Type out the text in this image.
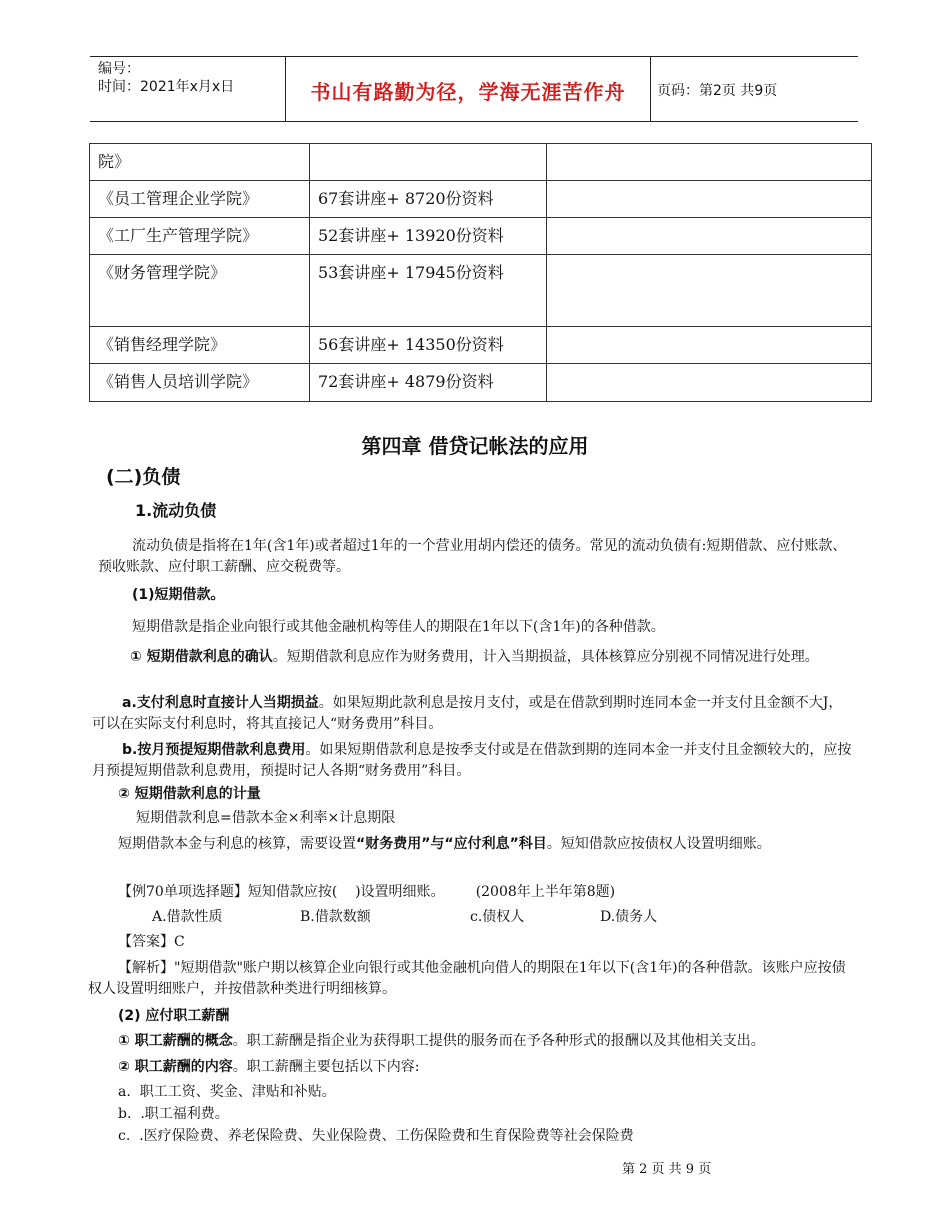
编号：
时间：2021年x月x日	书山有路勤为径，学海无涯苦作舟	页码：第2页 共9页
院》		
《员工管理企业学院》	67套讲座+ 8720份资料	
《工厂生产管理学院》	52套讲座+ 13920份资料	
《财务管理学院》	53套讲座+ 17945份资料	
《销售经理学院》	56套讲座+ 14350份资料	
《销售人员培训学院》	72套讲座+ 4879份资料	
第四章 借贷记帐法的应用
(二)负债
1.流动负债
流动负债是指将在1年(含1年)或者超过1年的一个营业用胡内偿还的债务。常见的流动负债有:短期借款、应付账款、预收账款、应付职工薪酬、应交税费等。
(1)短期借款。
短期借款是指企业向银行或其他金融机构等佳人的期限在1年以下(含1年)的各种借款。
① 短期借款利息的确认。短期借款利息应作为财务费用，计入当期损益，具体核算应分别视不同情况进行处理。
a.支付利息时直接计人当期损益。如果短期此款利息是按月支付，或是在借款到期时连同本金一并支付且金额不大J，可以在实际支付利息时，将其直接记人“财务费用”科目。
b.按月预提短期借款利息费用。如果短期借款利息是按季支付或是在借款到期的连同本金一并支付且金额较大的，应按月预提短期借款利息费用，预提时记人各期“财务费用”科目。
② 短期借款利息的计量
短期借款利息=借款本金×利率×计息期限
短期借款本金与利息的核算，需要设置“财务费用”与“应付利息”科目。短知借款应按债权人设置明细账。
【例70单项选择题】短知借款应按(    )设置明细账。       (2008年上半年第8题)
A.借款性质	B.借款数额	c.债权人	D.债务人
【答案】C
【解析】"短期借款"账户期以核算企业向银行或其他金融机向借人的期限在1年以下(含1年)的各种借款。该账户应按债权人设置明细账户，并按借款种类进行明细核算。
(2) 应付职工薪酬
① 职工薪酬的概念。职工薪酬是指企业为获得职工提供的服务而在予各种形式的报酬以及其他相关支出。
② 职工薪酬的内容。职工薪酬主要包括以下内容:
a.  职工工资、奖金、津贴和补贴。
b.  .职工福利费。
c.  .医疗保险费、养老保险费、失业保险费、工伤保险费和生育保险费等社会保险费
第 2 页 共 9 页
